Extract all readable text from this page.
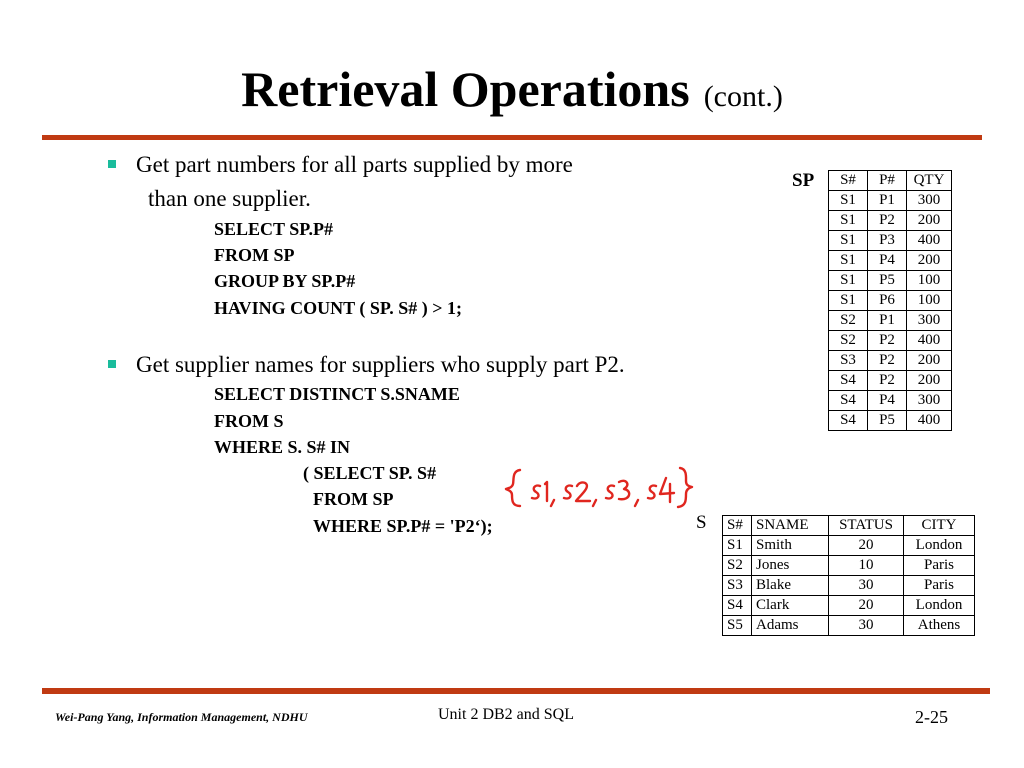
Retrieval Operations (cont.)
Get part numbers for all parts supplied by more
than one supplier.
SELECT SP.P#
FROM SP
GROUP BY SP.P#
HAVING COUNT ( SP. S# ) > 1;
Get supplier names for suppliers who supply part P2.
SELECT DISTINCT S.SNAME
FROM S
WHERE S. S# IN
( SELECT SP. S#
FROM SP
WHERE SP.P# = 'P2‘);
SP S#	P#	QTY
S1	P1	300
S1	P2	200
S1	P3	400
S1	P4	200
S1	P5	100
S1	P6	100
S2	P1	300
S2	P2	400
S3	P2	200
S4	P2	200
S4	P4	300
S4	P5	400
S S#	SNAME	STATUS	CITY
S1	Smith	20	London
S2	Jones	10	Paris
S3	Blake	30	Paris
S4	Clark	20	London
S5	Adams	30	Athens
Wei-Pang Yang, Information Management, NDHU	Unit 2 DB2 and SQL	2-25
